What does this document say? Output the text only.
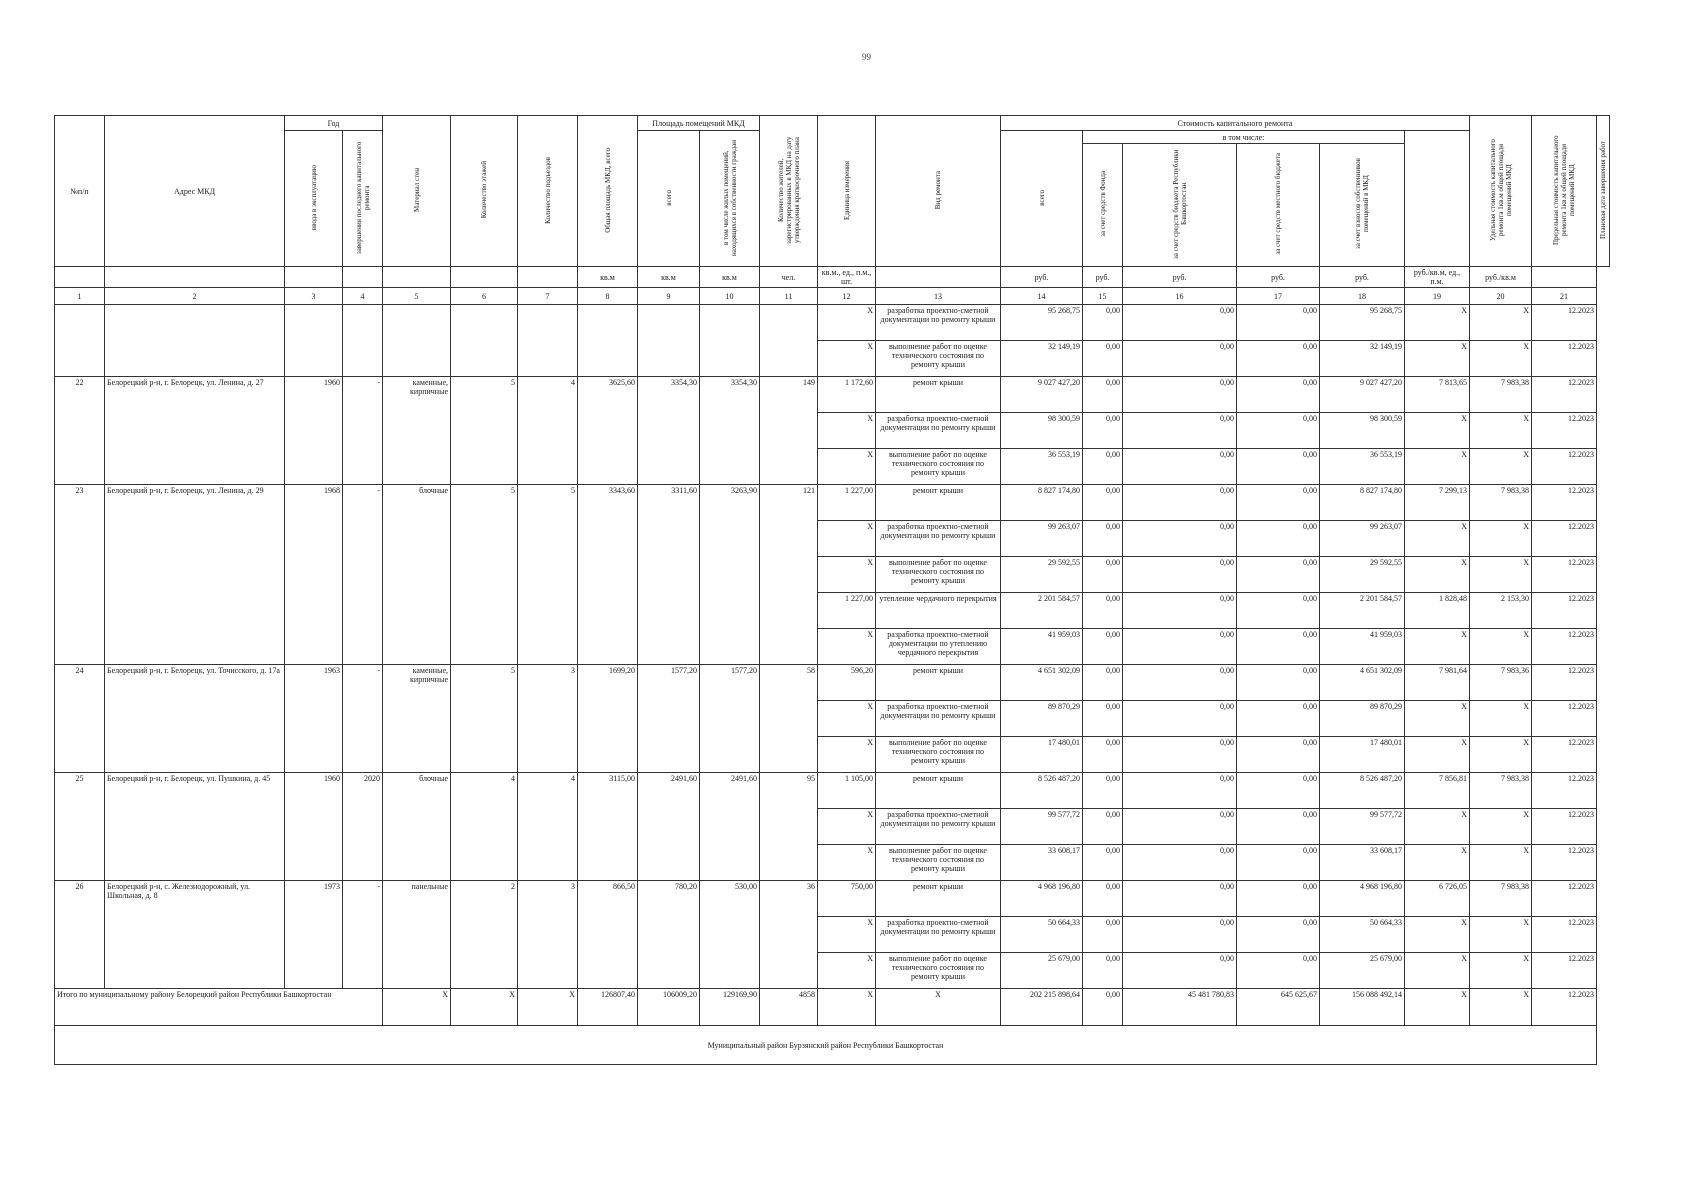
99
№п/п	Адрес МКД	Год		Материал стен	Количество этажей	Количество подъездов	Общая площадь МКД, всего	Площадь помещений МКД		Количество жителей, зарегистрированных в МКД на дату утверждения краткосрочного плана	Единица измерения	Вид ремонта	Стоимость капитального ремонта						Удельная стоимость капитального ремонта 1кв.м общей площади помещений МКД	Предельная стоимость капитального ремонта 1кв.м общей площади помещений МКД	Плановая дата завершения работ
		ввода в эксплуатацию	завершения последнего капитального ремонта					всего	в том числе жилых помещений, находящихся в собственности граждан				всего	в том числе:						
														за счет средств Фонда	за счет средств бюджета Республики Башкортостан	за счет средств местного бюджета	за счет взносов собственников помещений в МКД				
							кв.м	кв.м	кв.м	чел.	кв.м., ед., п.м., шт.		руб.	руб.	руб.	руб.	руб.	руб./кв.м, ед., п.м.	руб./кв.м		
1	2	3	4	5	6	7	8	9	10	11	12	13	14	15	16	17	18	19	20	21	
											X	разработка проектно-сметной документации по ремонту крыши	95 268,75	0,00	0,00	0,00	95 268,75	X	X	12.2023	
											X	выполнение работ по оценке технического состояния по ремонту крыши	32 149,19	0,00	0,00	0,00	32 149,19	X	X	12.2023	
22	Белорецкий р-н, г. Белорецк, ул. Ленина, д. 27	1960	-	каменные, кирпичные	5	4	3625,60	3354,30	3354,30	149	1 172,60	ремонт крыши	9 027 427,20	0,00	0,00	0,00	9 027 427,20	7 813,65	7 983,38	12.2023	
											X	разработка проектно-сметной документации по ремонту крыши	98 300,59	0,00	0,00	0,00	98 300,59	X	X	12.2023	
											X	выполнение работ по оценке технического состояния по ремонту крыши	36 553,19	0,00	0,00	0,00	36 553,19	X	X	12.2023	
23	Белорецкий р-н, г. Белорецк, ул. Ленина, д. 29	1968	-	блочные	5	5	3343,60	3311,60	3263,90	121	1 227,00	ремонт крыши	8 827 174,80	0,00	0,00	0,00	8 827 174,80	7 299,13	7 983,38	12.2023	
											X	разработка проектно-сметной документации по ремонту крыши	99 263,07	0,00	0,00	0,00	99 263,07	X	X	12.2023	
											X	выполнение работ по оценке технического состояния по ремонту крыши	29 592,55	0,00	0,00	0,00	29 592,55	X	X	12.2023	
											1 227,00	утепление чердачного перекрытия	2 201 584,57	0,00	0,00	0,00	2 201 584,57	1 828,48	2 153,30	12.2023	
											X	разработка проектно-сметной документации по утеплению чердачного перекрытия	41 959,03	0,00	0,00	0,00	41 959,03	X	X	12.2023	
24	Белорецкий р-н, г. Белорецк, ул. Точисского, д. 17а	1963	-	каменные, кирпичные	5	3	1699,20	1577,20	1577,20	58	596,20	ремонт крыши	4 651 302,09	0,00	0,00	0,00	4 651 302,09	7 981,64	7 983,36	12.2023	
											X	разработка проектно-сметной документации по ремонту крыши	89 870,29	0,00	0,00	0,00	89 870,29	X	X	12.2023	
											X	выполнение работ по оценке технического состояния по ремонту крыши	17 480,01	0,00	0,00	0,00	17 480,01	X	X	12.2023	
25	Белорецкий р-н, г. Белорецк, ул. Пушкина, д. 45	1960	2020	блочные	4	4	3115,00	2491,60	2491,60	95	1 105,00	ремонт крыши	8 526 487,20	0,00	0,00	0,00	8 526 487,20	7 856,81	7 983,38	12.2023	
											X	разработка проектно-сметной документации по ремонту крыши	99 577,72	0,00	0,00	0,00	99 577,72	X	X	12.2023	
											X	выполнение работ по оценке технического состояния по ремонту крыши	33 608,17	0,00	0,00	0,00	33 608,17	X	X	12.2023	
26	Белорецкий р-н, с. Железнодорожный, ул. Школьная, д. 8	1973	-	панельные	2	3	866,50	780,20	530,00	36	750,00	ремонт крыши	4 968 196,80	0,00	0,00	0,00	4 968 196,80	6 726,05	7 983,38	12.2023	
											X	разработка проектно-сметной документации по ремонту крыши	50 664,33	0,00	0,00	0,00	50 664,33	X	X	12.2023	
											X	выполнение работ по оценке технического состояния по ремонту крыши	25 679,00	0,00	0,00	0,00	25 679,00	X	X	12.2023	
Итого по муниципальному району Белорецкий район Республики Башкортостан				X	X	X	126807,40	106009,20	129169,90	4858	X	X	202 215 898,64	0,00	45 481 780,83	645 625,67	156 088 492,14	X	X	12.2023	
Муниципальный район Бурзянский район Республики Башкортостан																					
